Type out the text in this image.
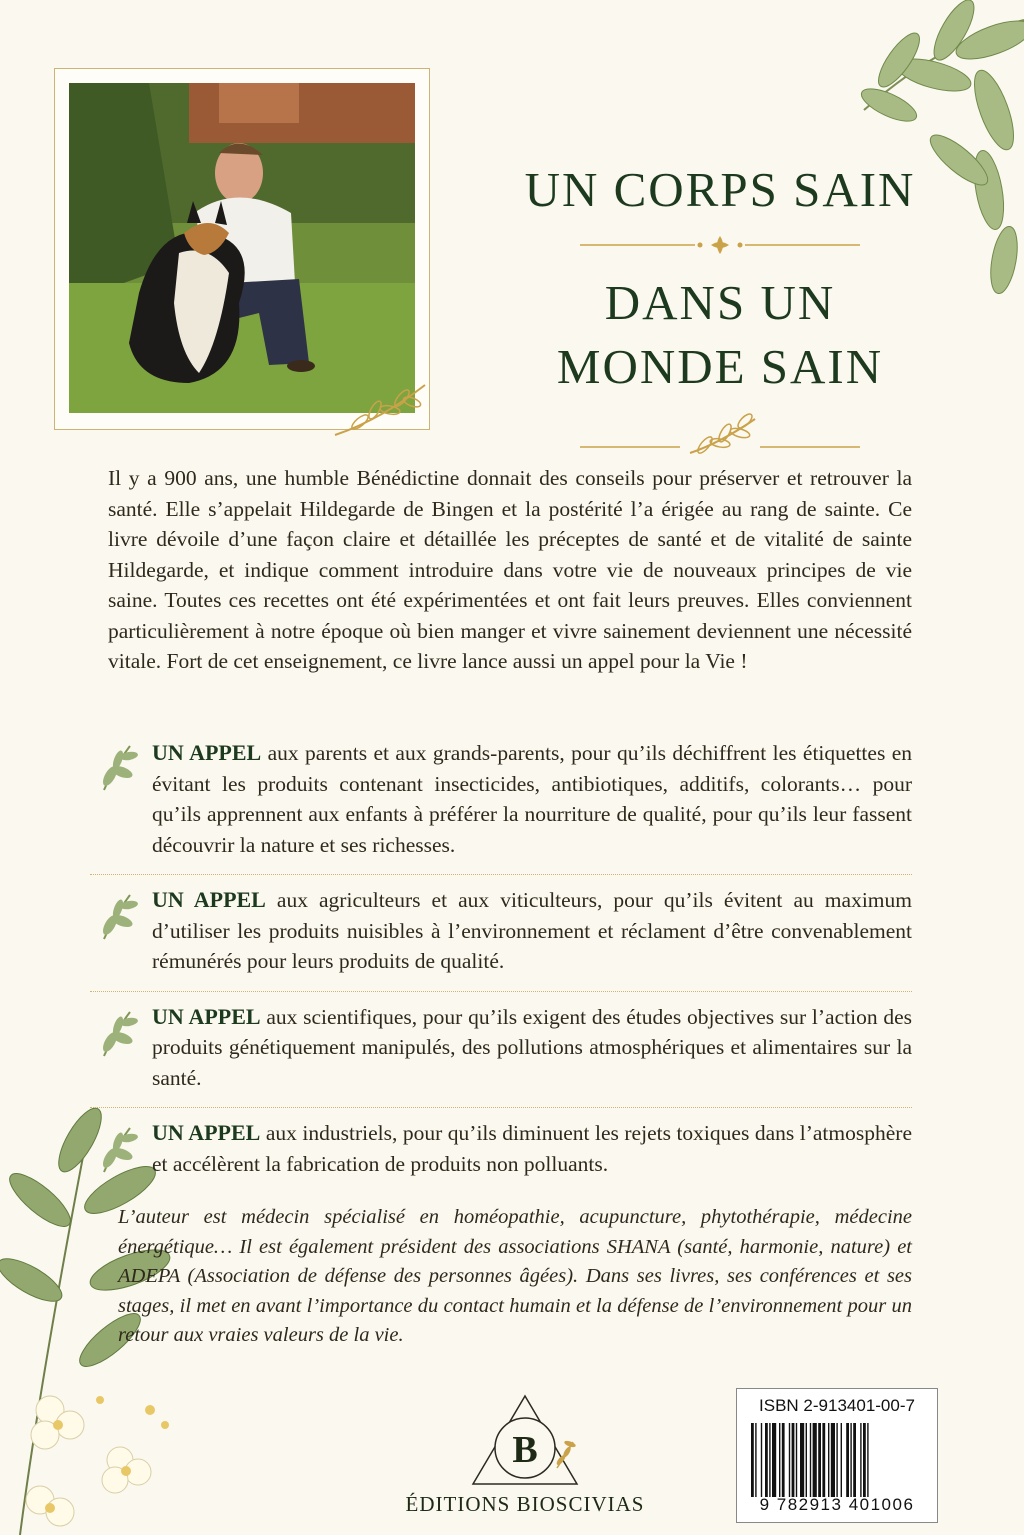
UN CORPS SAIN
DANS UN
MONDE SAIN

Il y a 900 ans, une humble Bénédictine donnait des conseils pour préserver et retrouver la santé. Elle s’appelait Hildegarde de Bingen et la postérité l’a érigée au rang de sainte. Ce livre dévoile d’une façon claire et détaillée les préceptes de santé et de vitalité de sainte Hildegarde, et indique comment introduire dans votre vie de nouveaux principes de vie saine. Toutes ces recettes ont été expérimentées et ont fait leurs preuves. Elles conviennent particulièrement à notre époque où bien manger et vivre sainement deviennent une nécessité vitale. Fort de cet enseignement, ce livre lance aussi un appel pour la Vie !

UN APPEL aux parents et aux grands-parents, pour qu’ils déchiffrent les étiquettes en évitant les produits contenant insecticides, antibiotiques, additifs, colorants… pour qu’ils apprennent aux enfants à préférer la nourriture de qualité, pour qu’ils leur fassent découvrir la nature et ses richesses.
UN APPEL aux agriculteurs et aux viticulteurs, pour qu’ils évitent au maximum d’utiliser les produits nuisibles à l’environnement et réclament d’être convenablement rémunérés pour leurs produits de qualité.
UN APPEL aux scientifiques, pour qu’ils exigent des études objectives sur l’action des produits génétiquement manipulés, des pollutions atmosphériques et alimentaires sur la santé.
UN APPEL aux industriels, pour qu’ils diminuent les rejets toxiques dans l’atmosphère et accélèrent la fabrication de produits non polluants.

L’auteur est médecin spécialisé en homéopathie, acupuncture, phytothérapie, médecine énergétique… Il est également président des associations SHANA (santé, harmonie, nature) et ADEPA (Association de défense des personnes âgées). Dans ses livres, ses conférences et ses stages, il met en avant l’importance du contact humain et la défense de l’environnement pour un retour aux vraies valeurs de la vie.

B
ÉDITIONS BIOSCIVIAS
ISBN 2-913401-00-7
9 782913 401006
